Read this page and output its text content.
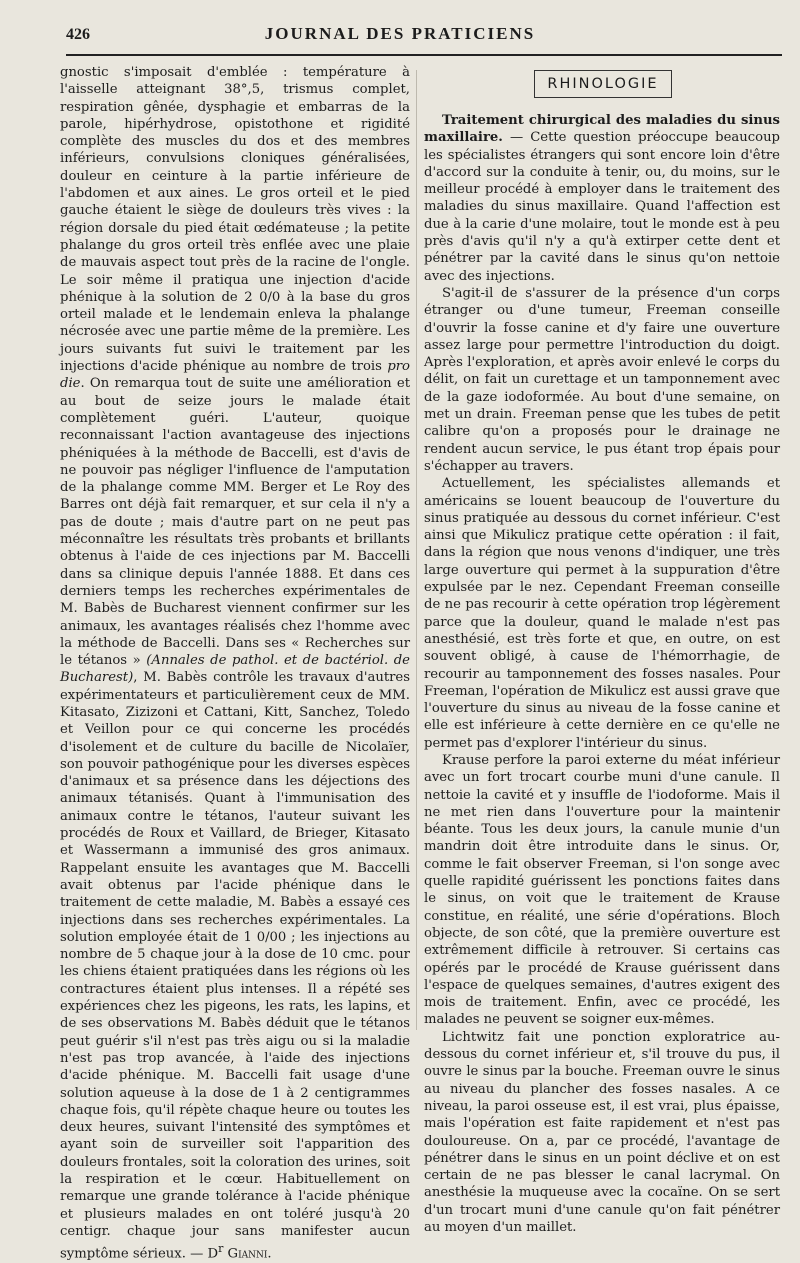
426	JOURNAL DES PRATICIENS

gnostic s'imposait d'emblée : température à l'aisselle atteignant 38°,5, trismus complet, respiration gênée, dysphagie et embarras de la parole, hipérhydrose, opistothone et rigidité complète des muscles du dos et des membres inférieurs, convulsions cloniques généralisées, douleur en ceinture à la partie inférieure de l'abdomen et aux aines. Le gros orteil et le pied gauche étaient le siège de douleurs très vives : la région dorsale du pied était œdémateuse ; la petite phalange du gros orteil très enflée avec une plaie de mauvais aspect tout près de la racine de l'ongle. Le soir même il pratiqua une injection d'acide phénique à la solution de 2 0/0 à la base du gros orteil malade et le lendemain enleva la phalange nécrosée avec une partie même de la première. Les jours suivants fut suivi le traitement par les injections d'acide phénique au nombre de trois pro die. On remarqua tout de suite une amélioration et au bout de seize jours le malade était complètement guéri. L'auteur, quoique reconnaissant l'action avantageuse des injections phéniquées à la méthode de Baccelli, est d'avis de ne pouvoir pas négliger l'influence de l'amputation de la phalange comme MM. Berger et Le Roy des Barres ont déjà fait remarquer, et sur cela il n'y a pas de doute ; mais d'autre part on ne peut pas méconnaître les résultats très probants et brillants obtenus à l'aide de ces injections par M. Baccelli dans sa clinique depuis l'année 1888. Et dans ces derniers temps les recherches expérimentales de M. Babès de Bucharest viennent confirmer sur les animaux, les avantages réalisés chez l'homme avec la méthode de Baccelli. Dans ses « Recherches sur le tétanos » (Annales de pathol. et de bactériol. de Bucharest), M. Babès contrôle les travaux d'autres expérimentateurs et particulièrement ceux de MM. Kitasato, Zizizoni et Cattani, Kitt, Sanchez, Toledo et Veillon pour ce qui concerne les procédés d'isolement et de culture du bacille de Nicolaïer, son pouvoir pathogénique pour les diverses espèces d'animaux et sa présence dans les déjections des animaux tétanisés. Quant à l'immunisation des animaux contre le tétanos, l'auteur suivant les procédés de Roux et Vaillard, de Brieger, Kitasato et Wassermann a immunisé des gros animaux. Rappelant ensuite les avantages que M. Baccelli avait obtenus par l'acide phénique dans le traitement de cette maladie, M. Babès a essayé ces injections dans ses recherches expérimentales. La solution employée était de 1 0/00 ; les injections au nombre de 5 chaque jour à la dose de 10 cmc. pour les chiens étaient pratiquées dans les régions où les contractures étaient plus intenses. Il a répété ses expériences chez les pigeons, les rats, les lapins, et de ses observations M. Babès déduit que le tétanos peut guérir s'il n'est pas très aigu ou si la maladie n'est pas trop avancée, à l'aide des injections d'acide phénique. M. Baccelli fait usage d'une solution aqueuse à la dose de 1 à 2 centigrammes chaque fois, qu'il répète chaque heure ou toutes les deux heures, suivant l'intensité des symptômes et ayant soin de surveiller soit l'apparition des douleurs frontales, soit la coloration des urines, soit la respiration et le cœur. Habituellement on remarque une grande tolérance à l'acide phénique et plusieurs malades en ont toléré jusqu'à 20 centigr. chaque jour sans manifester aucun symptôme sérieux. — $D^r$ Gianni.

RHINOLOGIE

Traitement chirurgical des maladies du sinus maxillaire. — Cette question préoccupe beaucoup les spécialistes étrangers qui sont encore loin d'être d'accord sur la conduite à tenir, ou, du moins, sur le meilleur procédé à employer dans le traitement des maladies du sinus maxillaire. Quand l'affection est due à la carie d'une molaire, tout le monde est à peu près d'avis qu'il n'y a qu'à extirper cette dent et pénétrer par la cavité dans le sinus qu'on nettoie avec des injections.

S'agit-il de s'assurer de la présence d'un corps étranger ou d'une tumeur, Freeman conseille d'ouvrir la fosse canine et d'y faire une ouverture assez large pour permettre l'introduction du doigt. Après l'exploration, et après avoir enlevé le corps du délit, on fait un curettage et un tamponnement avec de la gaze iodoformée. Au bout d'une semaine, on met un drain. Freeman pense que les tubes de petit calibre qu'on a proposés pour le drainage ne rendent aucun service, le pus étant trop épais pour s'échapper au travers.

Actuellement, les spécialistes allemands et américains se louent beaucoup de l'ouverture du sinus pratiquée au dessous du cornet inférieur. C'est ainsi que Mikulicz pratique cette opération : il fait, dans la région que nous venons d'indiquer, une très large ouverture qui permet à la suppuration d'être expulsée par le nez. Cependant Freeman conseille de ne pas recourir à cette opération trop légèrement parce que la douleur, quand le malade n'est pas anesthésié, est très forte et que, en outre, on est souvent obligé, à cause de l'hémorrhagie, de recourir au tamponnement des fosses nasales. Pour Freeman, l'opération de Mikulicz est aussi grave que l'ouverture du sinus au niveau de la fosse canine et elle est inférieure à cette dernière en ce qu'elle ne permet pas d'explorer l'intérieur du sinus.

Krause perfore la paroi externe du méat inférieur avec un fort trocart courbe muni d'une canule. Il nettoie la cavité et y insuffle de l'iodoforme. Mais il ne met rien dans l'ouverture pour la maintenir béante. Tous les deux jours, la canule munie d'un mandrin doit être introduite dans le sinus. Or, comme le fait observer Freeman, si l'on songe avec quelle rapidité guérissent les ponctions faites dans le sinus, on voit que le traitement de Krause constitue, en réalité, une série d'opérations. Bloch objecte, de son côté, que la première ouverture est extrêmement difficile à retrouver. Si certains cas opérés par le procédé de Krause guérissent dans l'espace de quelques semaines, d'autres exigent des mois de traitement. Enfin, avec ce procédé, les malades ne peuvent se soigner eux-mêmes.

Lichtwitz fait une ponction exploratrice au-dessous du cornet inférieur et, s'il trouve du pus, il ouvre le sinus par la bouche. Freeman ouvre le sinus au niveau du plancher des fosses nasales. A ce niveau, la paroi osseuse est, il est vrai, plus épaisse, mais l'opération est faite rapidement et n'est pas douloureuse. On a, par ce procédé, l'avantage de pénétrer dans le sinus en un point déclive et on est certain de ne pas blesser le canal lacrymal. On anesthésie la muqueuse avec la cocaïne. On se sert d'un trocart muni d'une canule qu'on fait pénétrer au moyen d'un maillet.
